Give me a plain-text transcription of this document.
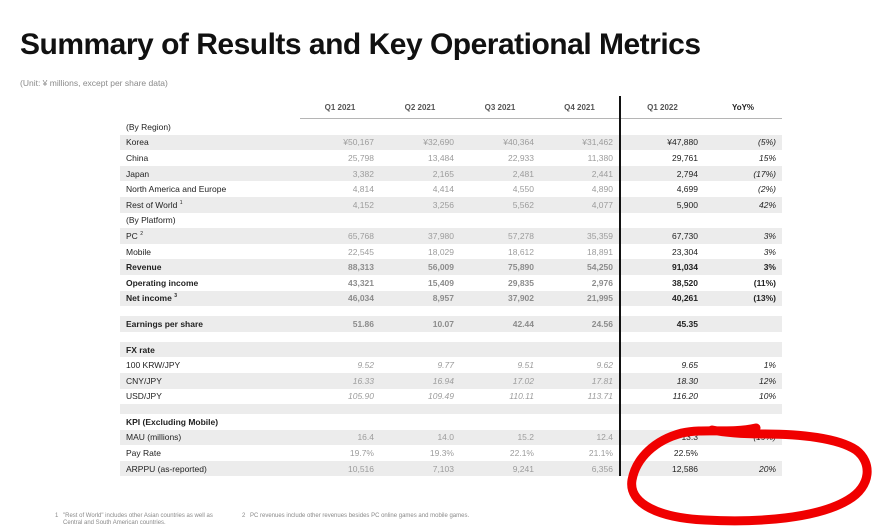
Summary of Results and Key Operational Metrics
(Unit: ¥ millions, except per share data)
	Q1 2021	Q2 2021	Q3 2021	Q4 2021	Q1 2022	YoY%
(By Region)						
Korea	¥50,167	¥32,690	¥40,364	¥31,462	¥47,880	(5%)
China	25,798	13,484	22,933	11,380	29,761	15%
Japan	3,382	2,165	2,481	2,441	2,794	(17%)
North America and Europe	4,814	4,414	4,550	4,890	4,699	(2%)
Rest of World $^1$	4,152	3,256	5,562	4,077	5,900	42%
(By Platform)						
PC $^2$	65,768	37,980	57,278	35,359	67,730	3%
Mobile	22,545	18,029	18,612	18,891	23,304	3%
Revenue	88,313	56,009	75,890	54,250	91,034	3%
Operating income	43,321	15,409	29,835	2,976	38,520	(11%)
Net income $^3$	46,034	8,957	37,902	21,995	40,261	(13%)

Earnings per share	51.86	10.07	42.44	24.56	45.35	

FX rate						
100 KRW/JPY	9.52	9.77	9.51	9.62	9.65	1%
CNY/JPY	16.33	16.94	17.02	17.81	18.30	12%
USD/JPY	105.90	109.49	110.11	113.71	116.20	10%

KPI (Excluding Mobile)						
MAU (millions)	16.4	14.0	15.2	12.4	13.3	(19%)
Pay Rate	19.7%	19.3%	22.1%	21.1%	22.5%	
ARPPU (as-reported)	10,516	7,103	9,241	6,356	12,586	20%
1 "Rest of World" includes other Asian countries as well as Central and South American countries.
2 PC revenues include other revenues besides PC online games and mobile games.
